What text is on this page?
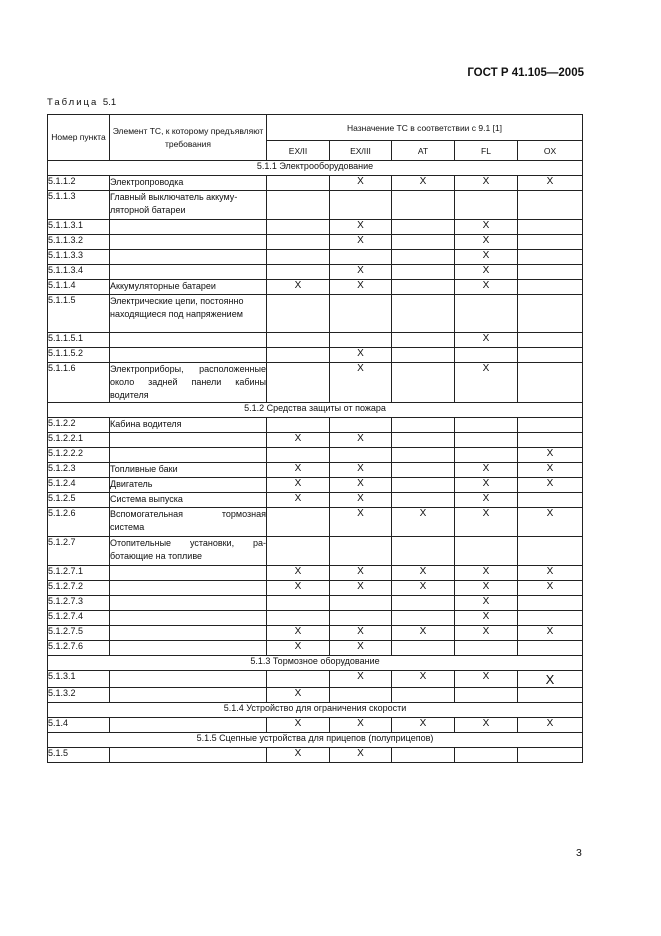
ГОСТ Р 41.105—2005
Таблица 5.1
Номер пункта	Элемент ТС, к которому предъявляют требования	Назначение ТС в соответствии с 9.1 [1]				
		EX/II	EX/III	AT	FL	OX
5.1.1 Электрооборудование						
5.1.1.2	Электропроводка		X	X	X	X
5.1.1.3	Главный выключатель аккумуляторной батареи					
5.1.1.3.1			X		X	
5.1.1.3.2			X		X	
5.1.1.3.3					X	
5.1.1.3.4			X		X	
5.1.1.4	Аккумуляторные батареи	X	X		X	
5.1.1.5	Электрические цепи, постоянно находящиеся под напряжением					
5.1.1.5.1					X	
5.1.1.5.2			X			
5.1.1.6	Электроприборы, расположенные около задней панели кабины водителя		X		X	
5.1.2 Средства защиты от пожара						
5.1.2.2	Кабина водителя					
5.1.2.2.1		X	X			
5.1.2.2.2						X
5.1.2.3	Топливные баки	X	X		X	X
5.1.2.4	Двигатель	X	X		X	X
5.1.2.5	Система выпуска	X	X		X	
5.1.2.6	Вспомогательная тормозная система		X	X	X	X
5.1.2.7	Отопительные установки, работающие на топливе					
5.1.2.7.1		X	X	X	X	X
5.1.2.7.2		X	X	X	X	X
5.1.2.7.3					X	
5.1.2.7.4					X	
5.1.2.7.5		X	X	X	X	X
5.1.2.7.6		X	X			
5.1.3 Тормозное оборудование						
5.1.3.1			X	X	X	X
5.1.3.2		X				
5.1.4 Устройство для ограничения скорости						
5.1.4		X	X	X	X	X
5.1.5 Сцепные устройства для прицепов (полуприцепов)						
5.1.5		X	X			
3
